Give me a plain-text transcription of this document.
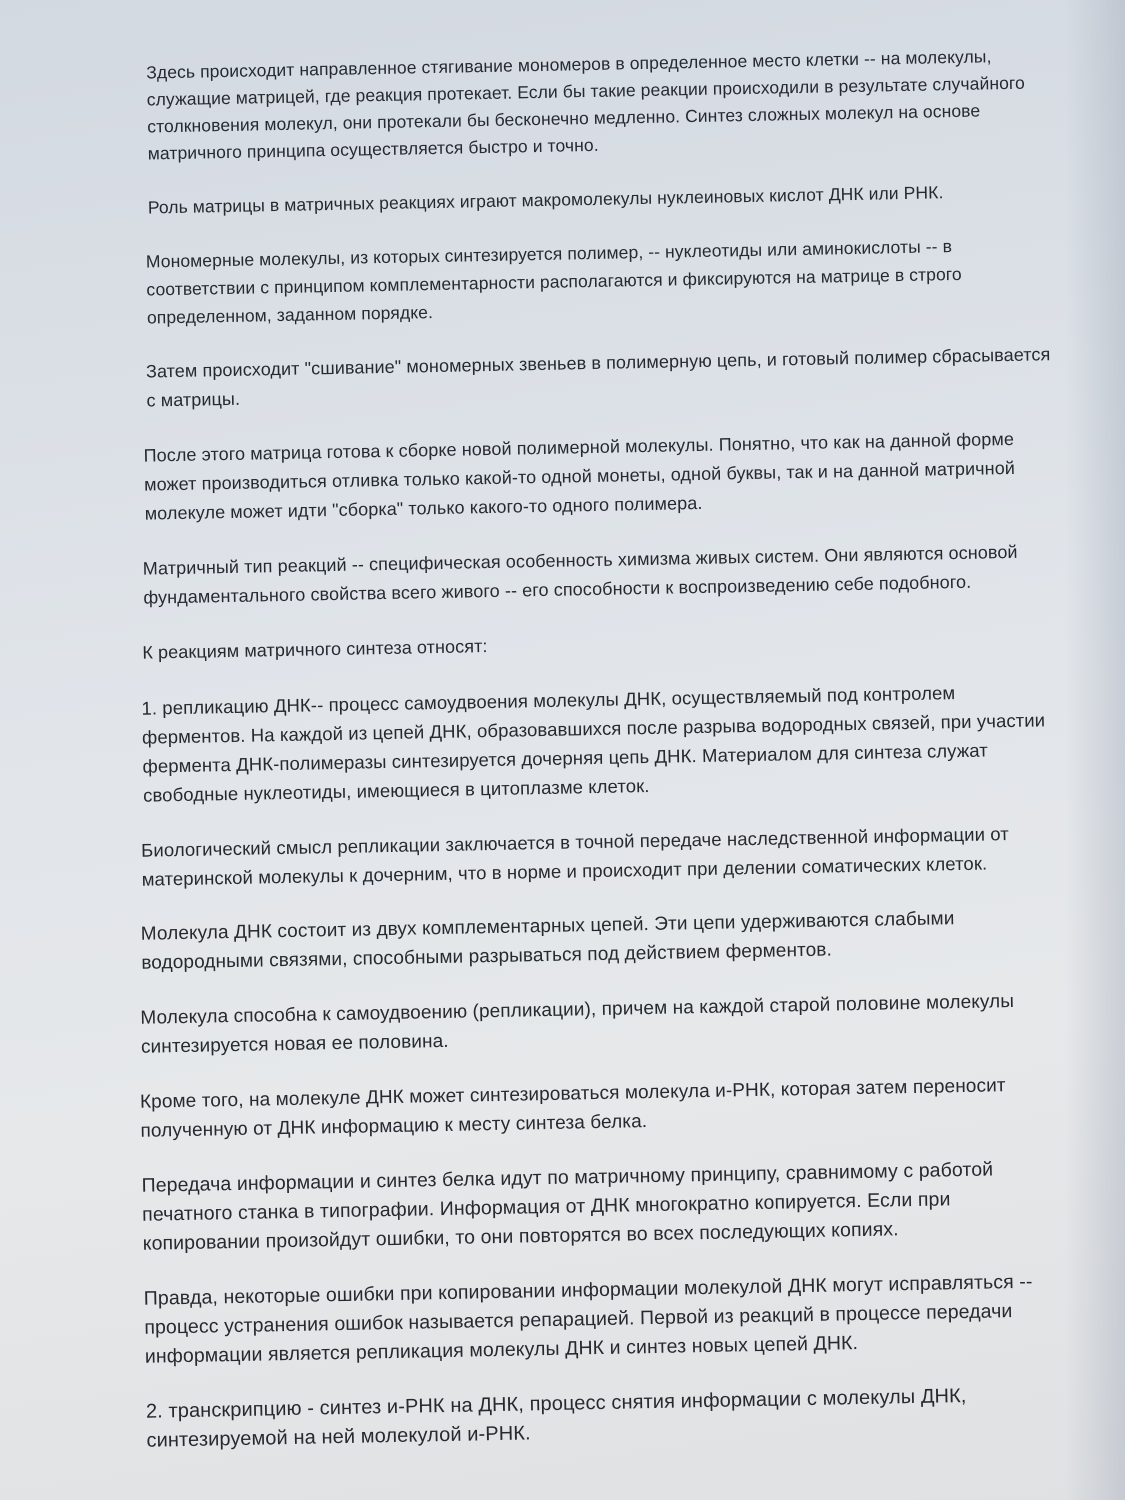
Здесь происходит направленное стягивание мономеров в определенное место клетки -- на молекулы, служащие матрицей, где реакция протекает. Если бы такие реакции происходили в результате случайного столкновения молекул, они протекали бы бесконечно медленно. Синтез сложных молекул на основе матричного принципа осуществляется быстро и точно.

Роль матрицы в матричных реакциях играют макромолекулы нуклеиновых кислот ДНК или РНК.

Мономерные молекулы, из которых синтезируется полимер, -- нуклеотиды или аминокислоты -- в соответствии с принципом комплементарности располагаются и фиксируются на матрице в строго определенном, заданном порядке.

Затем происходит "сшивание" мономерных звеньев в полимерную цепь, и готовый полимер сбрасывается с матрицы.

После этого матрица готова к сборке новой полимерной молекулы. Понятно, что как на данной форме может производиться отливка только какой-то одной монеты, одной буквы, так и на данной матричной молекуле может идти "сборка" только какого-то одного полимера.

Матричный тип реакций -- специфическая особенность химизма живых систем. Они являются основой фундаментального свойства всего живого -- его способности к воспроизведению себе подобного.

К реакциям матричного синтеза относят:

1. репликацию ДНК-- процесс самоудвоения молекулы ДНК, осуществляемый под контролем ферментов. На каждой из цепей ДНК, образовавшихся после разрыва водородных связей, при участии фермента ДНК-полимеразы синтезируется дочерняя цепь ДНК. Материалом для синтеза служат свободные нуклеотиды, имеющиеся в цитоплазме клеток.

Биологический смысл репликации заключается в точной передаче наследственной информации от материнской молекулы к дочерним, что в норме и происходит при делении соматических клеток.

Молекула ДНК состоит из двух комплементарных цепей. Эти цепи удерживаются слабыми водородными связями, способными разрываться под действием ферментов.

Молекула способна к самоудвоению (репликации), причем на каждой старой половине молекулы синтезируется новая ее половина.

Кроме того, на молекуле ДНК может синтезироваться молекула и-РНК, которая затем переносит полученную от ДНК информацию к месту синтеза белка.

Передача информации и синтез белка идут по матричному принципу, сравнимому с работой печатного станка в типографии. Информация от ДНК многократно копируется. Если при копировании произойдут ошибки, то они повторятся во всех последующих копиях.

Правда, некоторые ошибки при копировании информации молекулой ДНК могут исправляться -- процесс устранения ошибок называется репарацией. Первой из реакций в процессе передачи информации является репликация молекулы ДНК и синтез новых цепей ДНК.

2. транскрипцию - синтез и-РНК на ДНК, процесс снятия информации с молекулы ДНК, синтезируемой на ней молекулой и-РНК.
